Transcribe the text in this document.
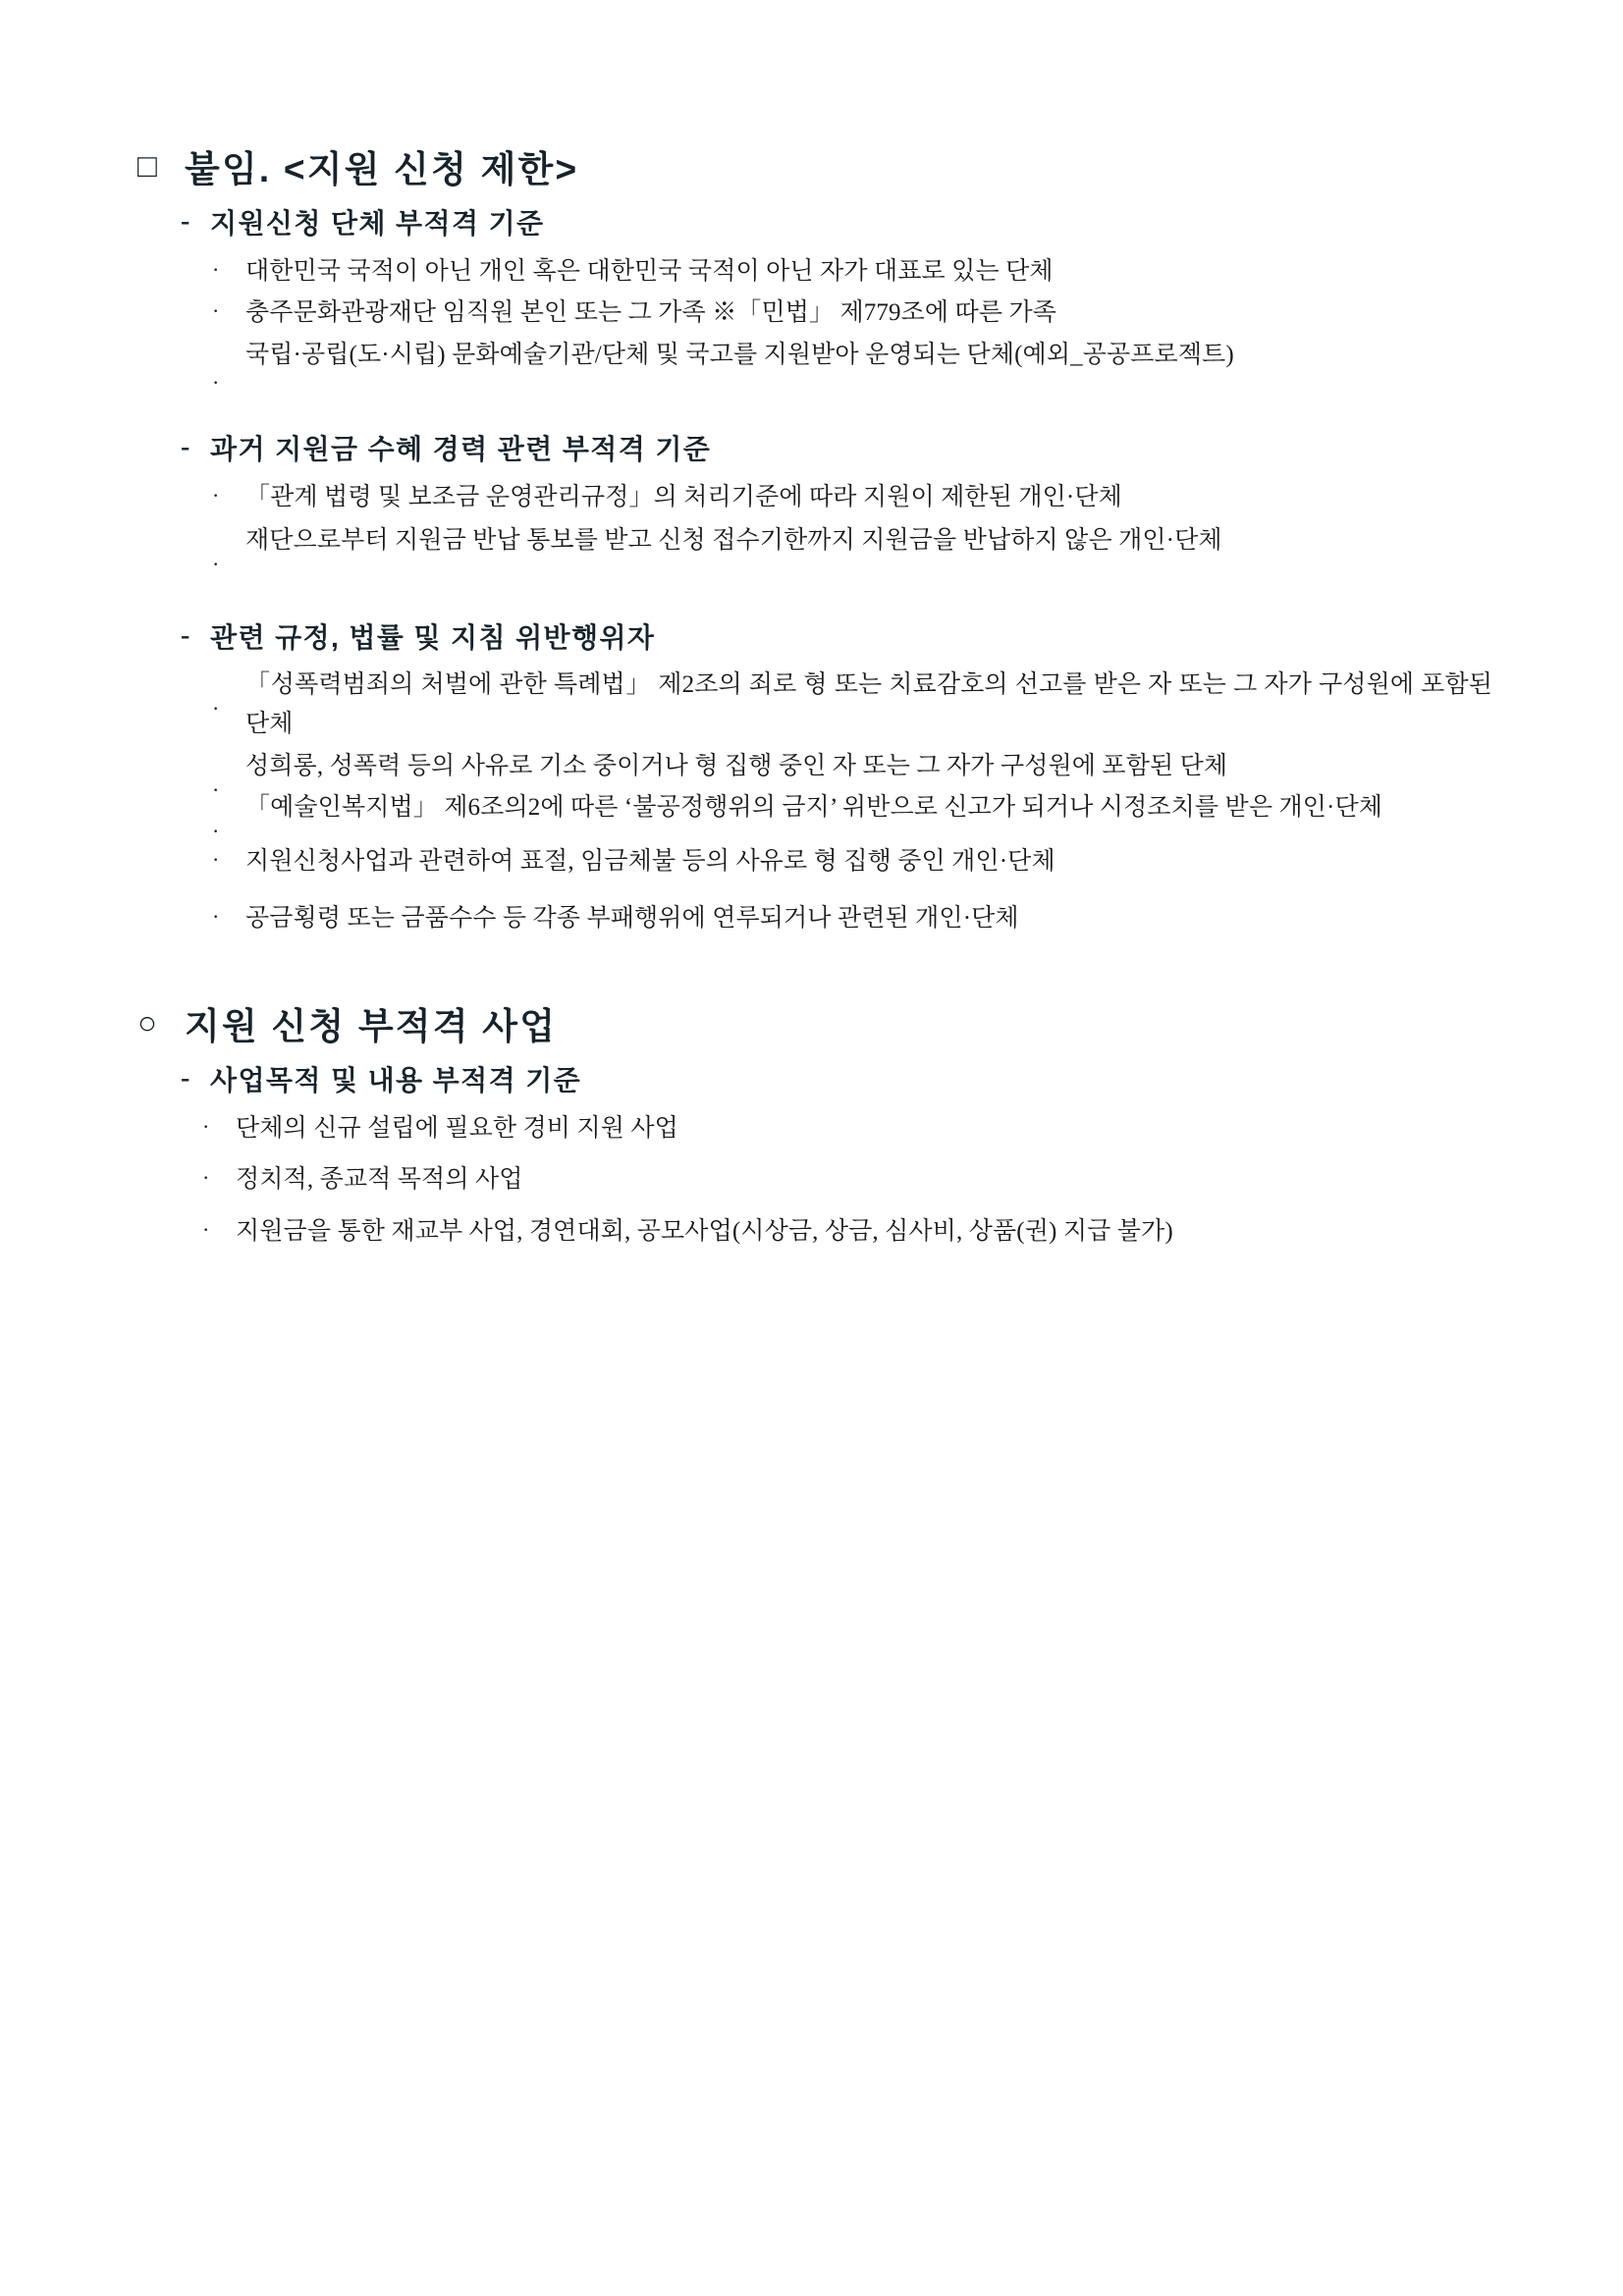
□ 붙임. <지원 신청 제한>
- 지원신청 단체 부적격 기준
·	대한민국 국적이 아닌 개인 혹은 대한민국 국적이 아닌 자가 대표로 있는 단체
·	충주문화관광재단 임직원 본인 또는 그 가족 ※「민법」 제779조에 따른 가족
·
국립·공립(도·시립) 문화예술기관/단체 및 국고를 지원받아 운영되는 단체(예외_공공프로젝트)
- 과거 지원금 수혜 경력 관련 부적격 기준
·	「관계 법령 및 보조금 운영관리규정」의 처리기준에 따라 지원이 제한된 개인·단체
·
재단으로부터 지원금 반납 통보를 받고 신청 접수기한까지 지원금을 반납하지 않은 개인·단체
- 관련 규정, 법률 및 지침 위반행위자
·
「성폭력범죄의 처벌에 관한 특례법」 제2조의 죄로 형 또는 치료감호의 선고를 받은 자 또는 그 자가 구성원에 포함된 단체
·
성희롱, 성폭력 등의 사유로 기소 중이거나 형 집행 중인 자 또는 그 자가 구성원에 포함된 단체
·
「예술인복지법」 제6조의2에 따른 ‘불공정행위의 금지’ 위반으로 신고가 되거나 시정조치를 받은 개인·단체
·	지원신청사업과 관련하여 표절, 임금체불 등의 사유로 형 집행 중인 개인·단체
·	공금횡령 또는 금품수수 등 각종 부패행위에 연루되거나 관련된 개인·단체
○ 지원 신청 부적격 사업
- 사업목적 및 내용 부적격 기준
·	단체의 신규 설립에 필요한 경비 지원 사업
·	정치적, 종교적 목적의 사업
·	지원금을 통한 재교부 사업, 경연대회, 공모사업(시상금, 상금, 심사비, 상품(권) 지급 불가)
